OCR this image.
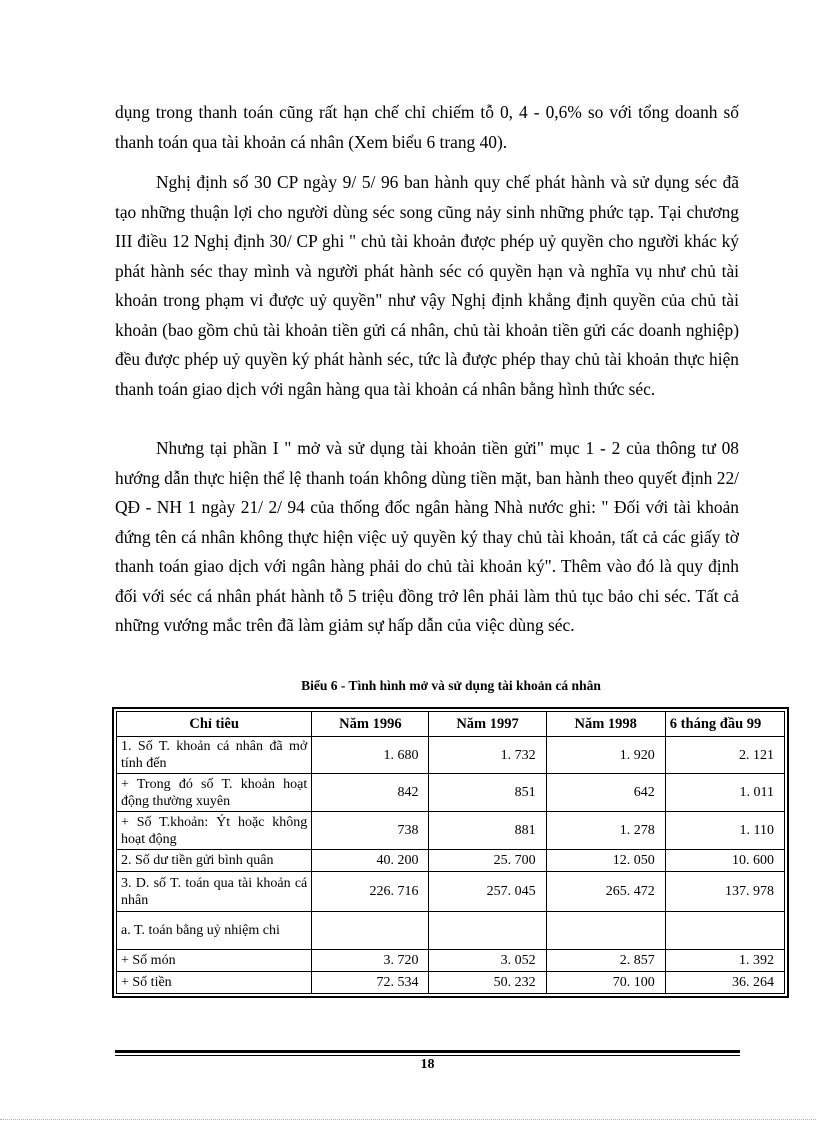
dụng trong thanh toán cũng rất hạn chế chỉ chiếm tỗ 0, 4 - 0,6% so với tổng doanh số thanh toán qua tài khoản cá nhân (Xem biểu 6 trang 40).

Nghị định số 30 CP ngày 9/ 5/ 96 ban hành quy chế phát hành và sử dụng séc đã tạo những thuận lợi cho người dùng séc song cũng nảy sinh những phức tạp. Tại chương III điều 12 Nghị định 30/ CP ghi " chủ tài khoản được phép uỷ quyền cho người khác ký phát hành séc thay mình và người phát hành séc có quyền hạn và nghĩa vụ như chủ tài khoản trong phạm vi được uỷ quyền" như vậy Nghị định khẳng định quyền của chủ tài khoản (bao gồm chủ tài khoản tiền gửi cá nhân, chủ tài khoản tiền gửi các doanh nghiệp) đều được phép uỷ quyền ký phát hành séc, tức là được phép thay chủ tài khoản thực hiện thanh toán giao dịch với ngân hàng qua tài khoản cá nhân bằng hình thức séc.

Nhưng tại phần I " mở và sử dụng tài khoản tiền gửi" mục 1 - 2 của thông tư 08 hướng dẫn thực hiện thể lệ thanh toán không dùng tiền mặt, ban hành theo quyết định 22/ QĐ - NH 1 ngày 21/ 2/ 94 của thống đốc ngân hàng Nhà nước ghi: " Đối với tài khoản đứng tên cá nhân không thực hiện việc uỷ quyền ký thay chủ tài khoản, tất cả các giấy tờ thanh toán giao dịch với ngân hàng phải do chủ tài khoản ký". Thêm vào đó là quy định đối với séc cá nhân phát hành tỗ 5 triệu đồng trở lên phải làm thủ tục bảo chi séc. Tất cả những vướng mắc trên đã làm giảm sự hấp dẫn của việc dùng séc.

Biểu 6 - Tình hình mở và sử dụng tài khoản cá nhân

Chỉ tiêu	Năm 1996	Năm 1997	Năm 1998	6 tháng đầu 99
1. Số T. khoản cá nhân đã mở tính đến	1. 680	1. 732	1. 920	2. 121
+ Trong đó số T. khoản hoạt động thường xuyên	842	851	642	1. 011
+ Số T.khoản: Ýt hoặc không hoạt động	738	881	1. 278	1. 110
2. Số dư tiền gửi bình quân	40. 200	25. 700	12. 050	10. 600
3. D. số T. toán qua tài khoản cá nhân	226. 716	257. 045	265. 472	137. 978
a. T. toán bằng uỷ nhiệm chi				
+ Số món	3. 720	3. 052	2. 857	1. 392
+ Số tiền	72. 534	50. 232	70. 100	36. 264

18
